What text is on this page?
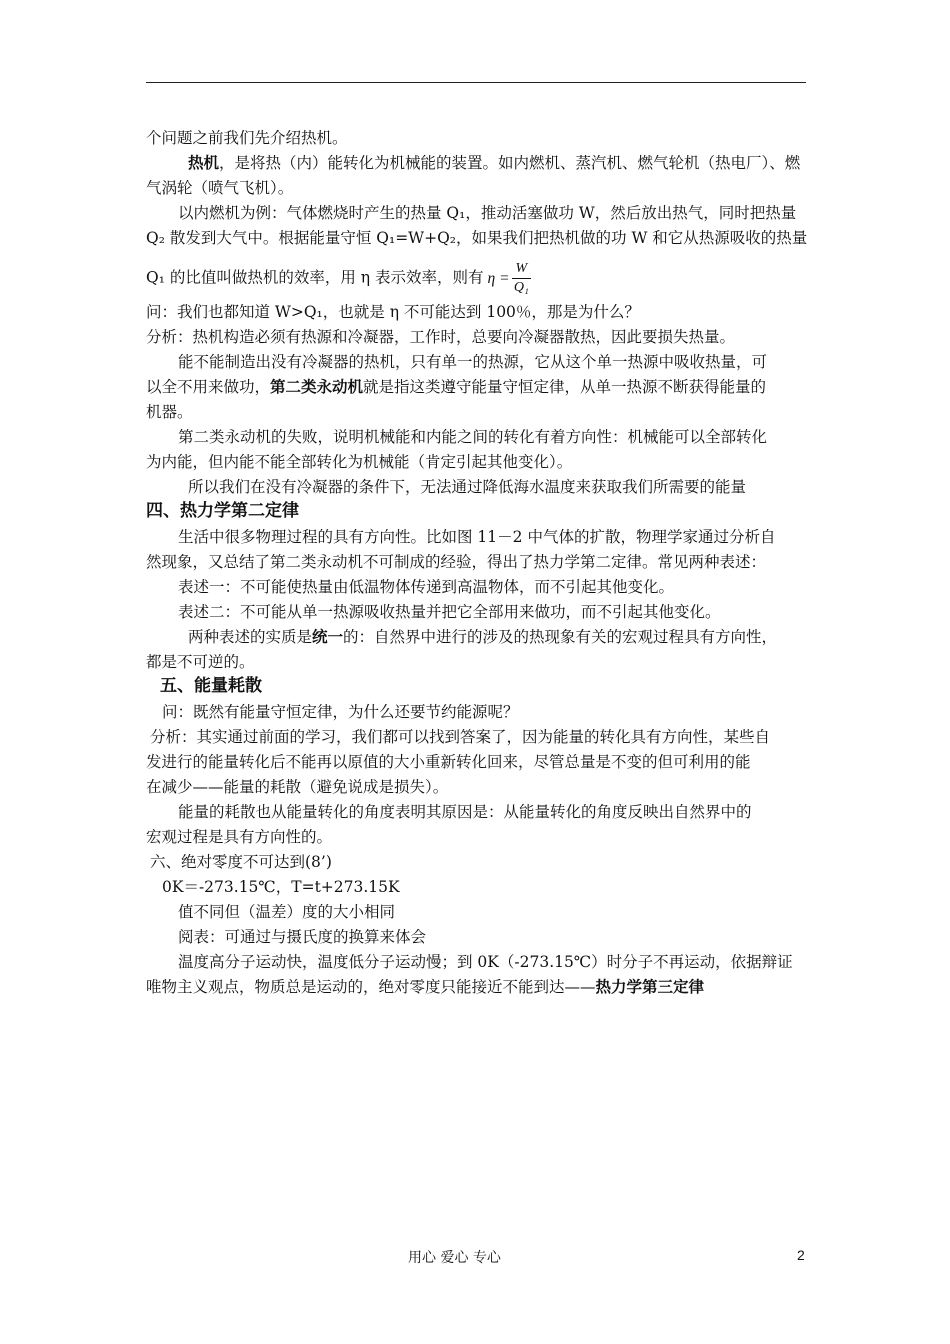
个问题之前我们先介绍热机。
热机，是将热（内）能转化为机械能的装置。如内燃机、蒸汽机、燃气轮机（热电厂）、燃
气涡轮（喷气飞机）。
以内燃机为例：气体燃烧时产生的热量 Q₁，推动活塞做功 W，然后放出热气，同时把热量
Q₂ 散发到大气中。根据能量守恒 Q₁=W+Q₂，如果我们把热机做的功 W 和它从热源吸收的热量
Q₁ 的比值叫做热机的效率，用 η 表示效率，则有 $\eta = \frac{W}{\text{Q₁}}$
问：我们也都知道 W>Q₁，也就是 η 不可能达到 100％，那是为什么？
分析：热机构造必须有热源和冷凝器，工作时，总要向冷凝器散热，因此要损失热量。
能不能制造出没有冷凝器的热机，只有单一的热源，它从这个单一热源中吸收热量，可
以全不用来做功，第二类永动机就是指这类遵守能量守恒定律，从单一热源不断获得能量的
机器。
第二类永动机的失败，说明机械能和内能之间的转化有着方向性：机械能可以全部转化
为内能，但内能不能全部转化为机械能（肯定引起其他变化）。
所以我们在没有冷凝器的条件下，无法通过降低海水温度来获取我们所需要的能量
四、热力学第二定律
生活中很多物理过程的具有方向性。比如图 11－2 中气体的扩散，物理学家通过分析自
然现象，又总结了第二类永动机不可制成的经验，得出了热力学第二定律。常见两种表述：
表述一：不可能使热量由低温物体传递到高温物体，而不引起其他变化。
表述二：不可能从单一热源吸收热量并把它全部用来做功，而不引起其他变化。
两种表述的实质是统一的：自然界中进行的涉及的热现象有关的宏观过程具有方向性，
都是不可逆的。
五、能量耗散
问：既然有能量守恒定律，为什么还要节约能源呢？
分析：其实通过前面的学习，我们都可以找到答案了，因为能量的转化具有方向性，某些自
发进行的能量转化后不能再以原值的大小重新转化回来，尽管总量是不变的但可利用的能
在减少——能量的耗散（避免说成是损失）。
能量的耗散也从能量转化的角度表明其原因是：从能量转化的角度反映出自然界中的
宏观过程是具有方向性的。
六、绝对零度不可达到(8’)
0K＝-273.15℃，T=t+273.15K
值不同但（温差）度的大小相同
阅表：可通过与摄氏度的换算来体会
温度高分子运动快，温度低分子运动慢；到 0K（-273.15℃）时分子不再运动，依据辩证
唯物主义观点，物质总是运动的，绝对零度只能接近不能到达——热力学第三定律
用心 爱心 专心	2
